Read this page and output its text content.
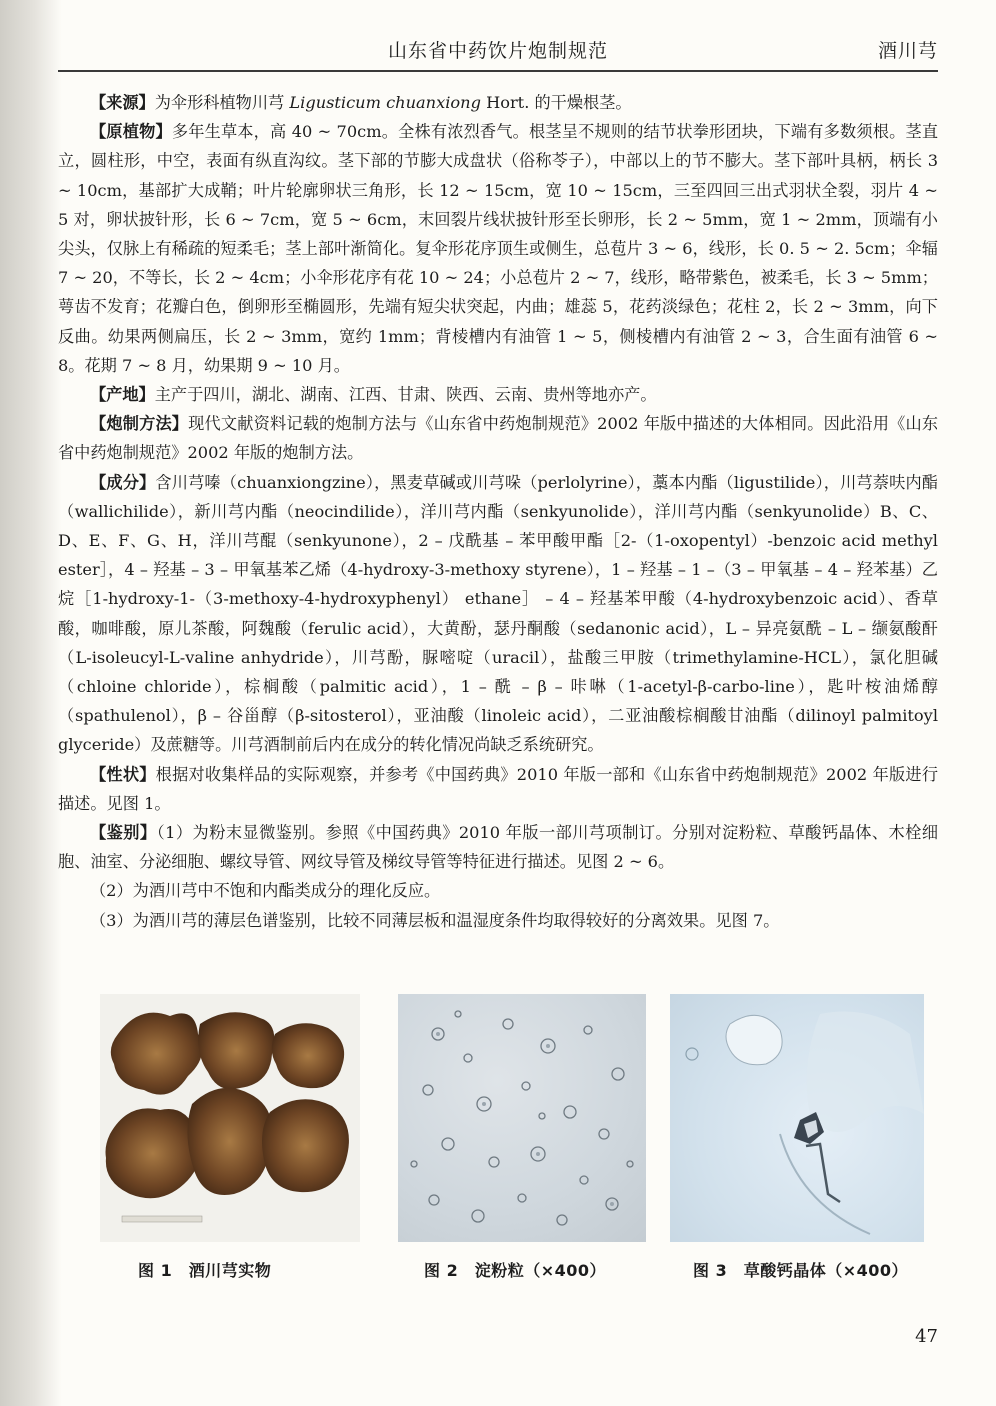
山东省中药饮片炮制规范	酒川芎

【来源】为伞形科植物川芎 Ligusticum chuanxiong Hort. 的干燥根茎。

【原植物】多年生草本，高 40 ~ 70cm。全株有浓烈香气。根茎呈不规则的结节状拳形团块，下端有多数须根。茎直立，圆柱形，中空，表面有纵直沟纹。茎下部的节膨大成盘状（俗称苓子），中部以上的节不膨大。茎下部叶具柄，柄长 3 ~ 10cm，基部扩大成鞘；叶片轮廓卵状三角形，长 12 ~ 15cm，宽 10 ~ 15cm，三至四回三出式羽状全裂，羽片 4 ~ 5 对，卵状披针形，长 6 ~ 7cm，宽 5 ~ 6cm，末回裂片线状披针形至长卵形，长 2 ~ 5mm，宽 1 ~ 2mm，顶端有小尖头，仅脉上有稀疏的短柔毛；茎上部叶渐简化。复伞形花序顶生或侧生，总苞片 3 ~ 6，线形，长 0. 5 ~ 2. 5cm；伞辐 7 ~ 20，不等长，长 2 ~ 4cm；小伞形花序有花 10 ~ 24；小总苞片 2 ~ 7，线形，略带紫色，被柔毛，长 3 ~ 5mm；萼齿不发育；花瓣白色，倒卵形至椭圆形，先端有短尖状突起，内曲；雄蕊 5，花药淡绿色；花柱 2，长 2 ~ 3mm，向下反曲。幼果两侧扁压，长 2 ~ 3mm，宽约 1mm；背棱槽内有油管 1 ~ 5，侧棱槽内有油管 2 ~ 3，合生面有油管 6 ~ 8。花期 7 ~ 8 月，幼果期 9 ~ 10 月。

【产地】主产于四川，湖北、湖南、江西、甘肃、陕西、云南、贵州等地亦产。

【炮制方法】现代文献资料记载的炮制方法与《山东省中药炮制规范》2002 年版中描述的大体相同。因此沿用《山东省中药炮制规范》2002 年版的炮制方法。

【成分】含川芎嗪（chuanxiongzine），黑麦草碱或川芎哚（perlolyrine），藁本内酯（ligustilide），川芎萘呋内酯（wallichilide），新川芎内酯（neocindilide），洋川芎内酯（senkyunolide），洋川芎内酯（senkyunolide）B、C、D、E、F、G、H，洋川芎醌（senkyunone），2 – 戊酰基 – 苯甲酸甲酯［2-（1-oxopentyl）-benzoic acid methyl ester］，4 – 羟基 – 3 – 甲氧基苯乙烯（4-hydroxy-3-methoxy styrene），1 – 羟基 – 1 –（3 – 甲氧基 – 4 – 羟苯基）乙烷［1-hydroxy-1-（3-methoxy-4-hydroxyphenyl） ethane］ – 4 – 羟基苯甲酸（4-hydroxybenzoic acid）、香草酸，咖啡酸，原儿茶酸，阿魏酸（ferulic acid），大黄酚，瑟丹酮酸（sedanonic acid），L – 异亮氨酰 – L – 缬氨酸酐（L-isoleucyl-L-valine anhydride），川芎酚，脲嘧啶（uracil），盐酸三甲胺（trimethylamine-HCL），氯化胆碱（chloine chloride），棕榈酸（palmitic acid），1 – 酰 – β – 咔啉（1-acetyl-β-carbo-line），匙叶桉油烯醇（spathulenol），β – 谷甾醇（β-sitosterol），亚油酸（linoleic acid），二亚油酸棕榈酸甘油酯（dilinoyl palmitoyl glyceride）及蔗糖等。川芎酒制前后内在成分的转化情况尚缺乏系统研究。

【性状】根据对收集样品的实际观察，并参考《中国药典》2010 年版一部和《山东省中药炮制规范》2002 年版进行描述。见图 1。

【鉴别】（1）为粉末显微鉴别。参照《中国药典》2010 年版一部川芎项制订。分别对淀粉粒、草酸钙晶体、木栓细胞、油室、分泌细胞、螺纹导管、网纹导管及梯纹导管等特征进行描述。见图 2 ~ 6。

（2）为酒川芎中不饱和内酯类成分的理化反应。

（3）为酒川芎的薄层色谱鉴别，比较不同薄层板和温湿度条件均取得较好的分离效果。见图 7。

图 1　酒川芎实物	图 2　淀粉粒（×400）	图 3　草酸钙晶体（×400）
47
